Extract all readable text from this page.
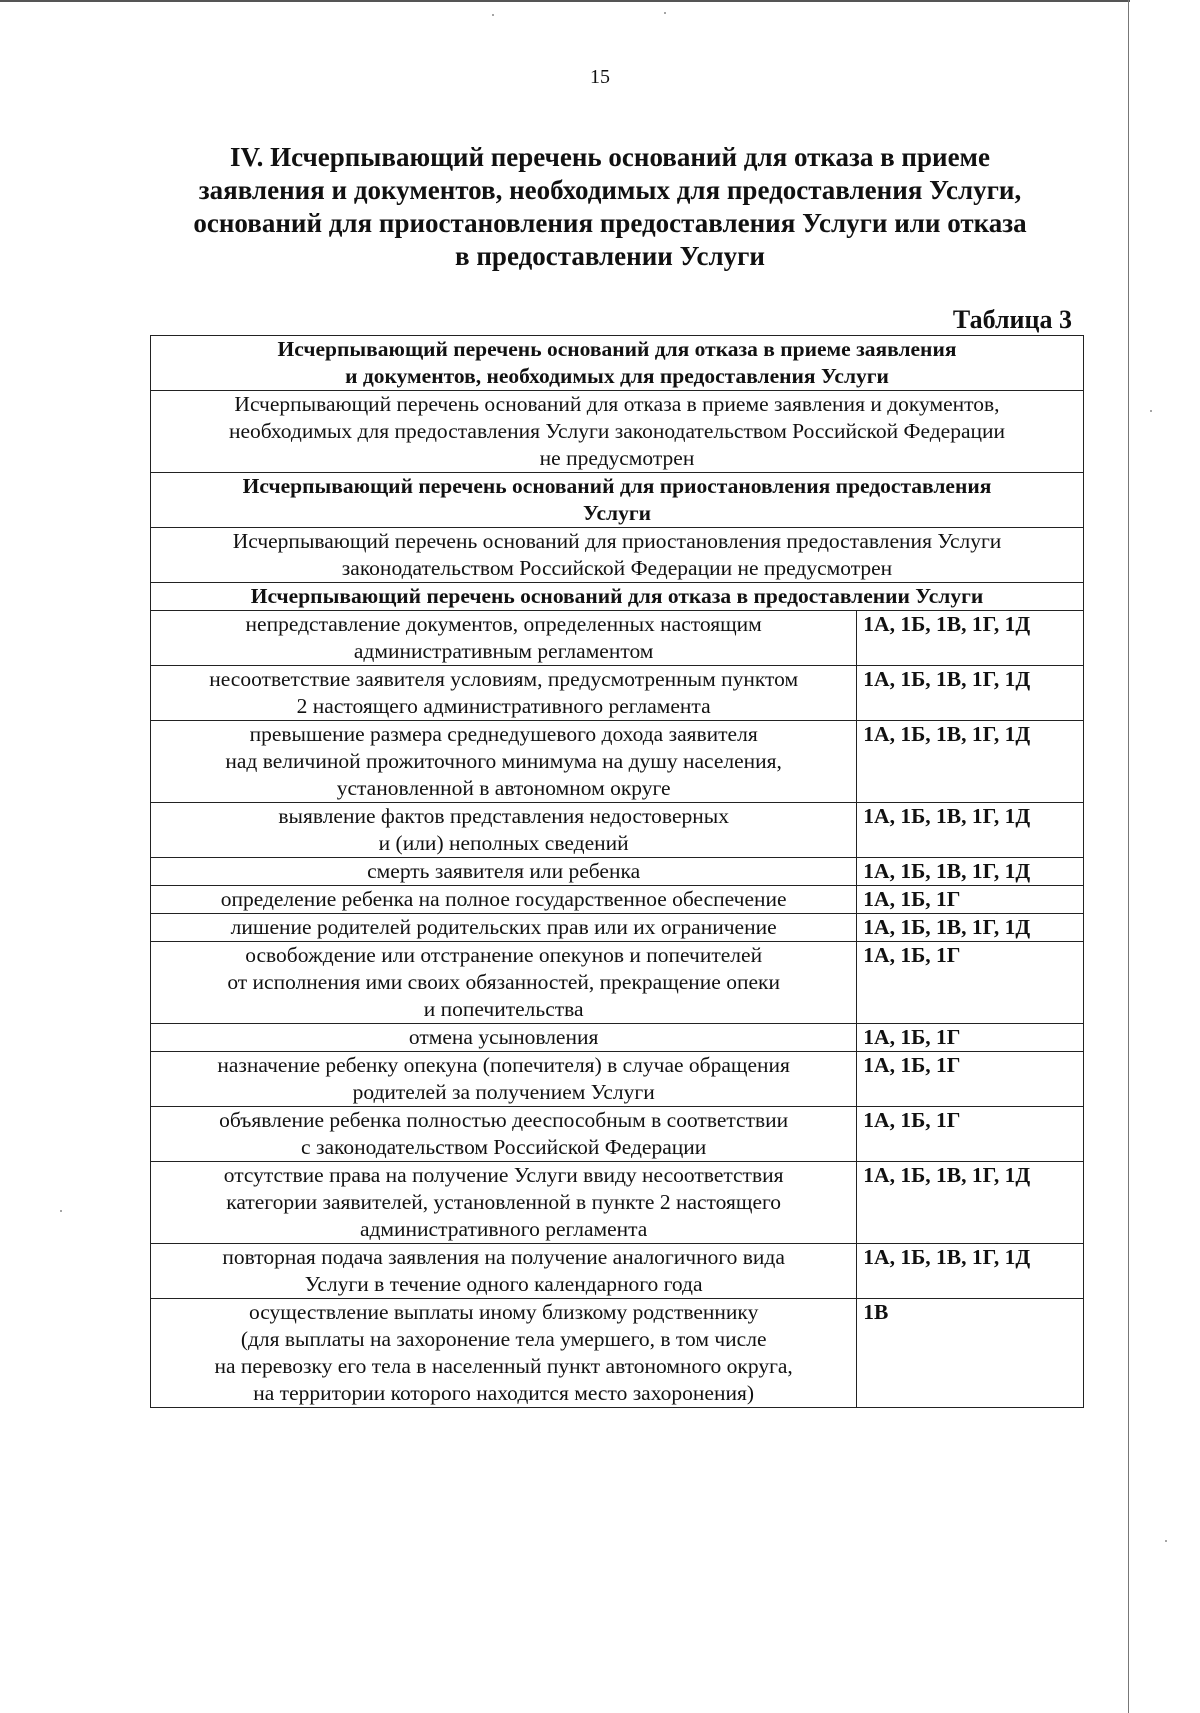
15
IV. Исчерпывающий перечень оснований для отказа в приеме
заявления и документов, необходимых для предоставления Услуги,
оснований для приостановления предоставления Услуги или отказа
в предоставлении Услуги
Таблица 3
Исчерпывающий перечень оснований для отказа в приеме заявления
и документов, необходимых для предоставления Услуги	

Исчерпывающий перечень оснований для отказа в приеме заявления и документов,
необходимых для предоставления Услуги законодательством Российской Федерации
не предусмотрен	

Исчерпывающий перечень оснований для приостановления предоставления
Услуги	

Исчерпывающий перечень оснований для приостановления предоставления Услуги
законодательством Российской Федерации не предусмотрен	

Исчерпывающий перечень оснований для отказа в предоставлении Услуги	

непредставление документов, определенных настоящим
административным регламентом	1А, 1Б, 1В, 1Г, 1Д

несоответствие заявителя условиям, предусмотренным пунктом
2 настоящего административного регламента	1А, 1Б, 1В, 1Г, 1Д

превышение размера среднедушевого дохода заявителя
над величиной прожиточного минимума на душу населения,
установленной в автономном округе	1А, 1Б, 1В, 1Г, 1Д

выявление фактов представления недостоверных
и (или) неполных сведений	1А, 1Б, 1В, 1Г, 1Д

смерть заявителя или ребенка	1А, 1Б, 1В, 1Г, 1Д

определение ребенка на полное государственное обеспечение	1А, 1Б, 1Г

лишение родителей родительских прав или их ограничение	1А, 1Б, 1В, 1Г, 1Д

освобождение или отстранение опекунов и попечителей
от исполнения ими своих обязанностей, прекращение опеки
и попечительства	1А, 1Б, 1Г

отмена усыновления	1А, 1Б, 1Г

назначение ребенку опекуна (попечителя) в случае обращения
родителей за получением Услуги	1А, 1Б, 1Г

объявление ребенка полностью дееспособным в соответствии
с законодательством Российской Федерации	1А, 1Б, 1Г

отсутствие права на получение Услуги ввиду несоответствия
категории заявителей, установленной в пункте 2 настоящего
административного регламента	1А, 1Б, 1В, 1Г, 1Д

повторная подача заявления на получение аналогичного вида
Услуги в течение одного календарного года	1А, 1Б, 1В, 1Г, 1Д

осуществление выплаты иному близкому родственнику
(для выплаты на захоронение тела умершего, в том числе
на перевозку его тела в населенный пункт автономного округа,
на территории которого находится место захоронения)	1В
